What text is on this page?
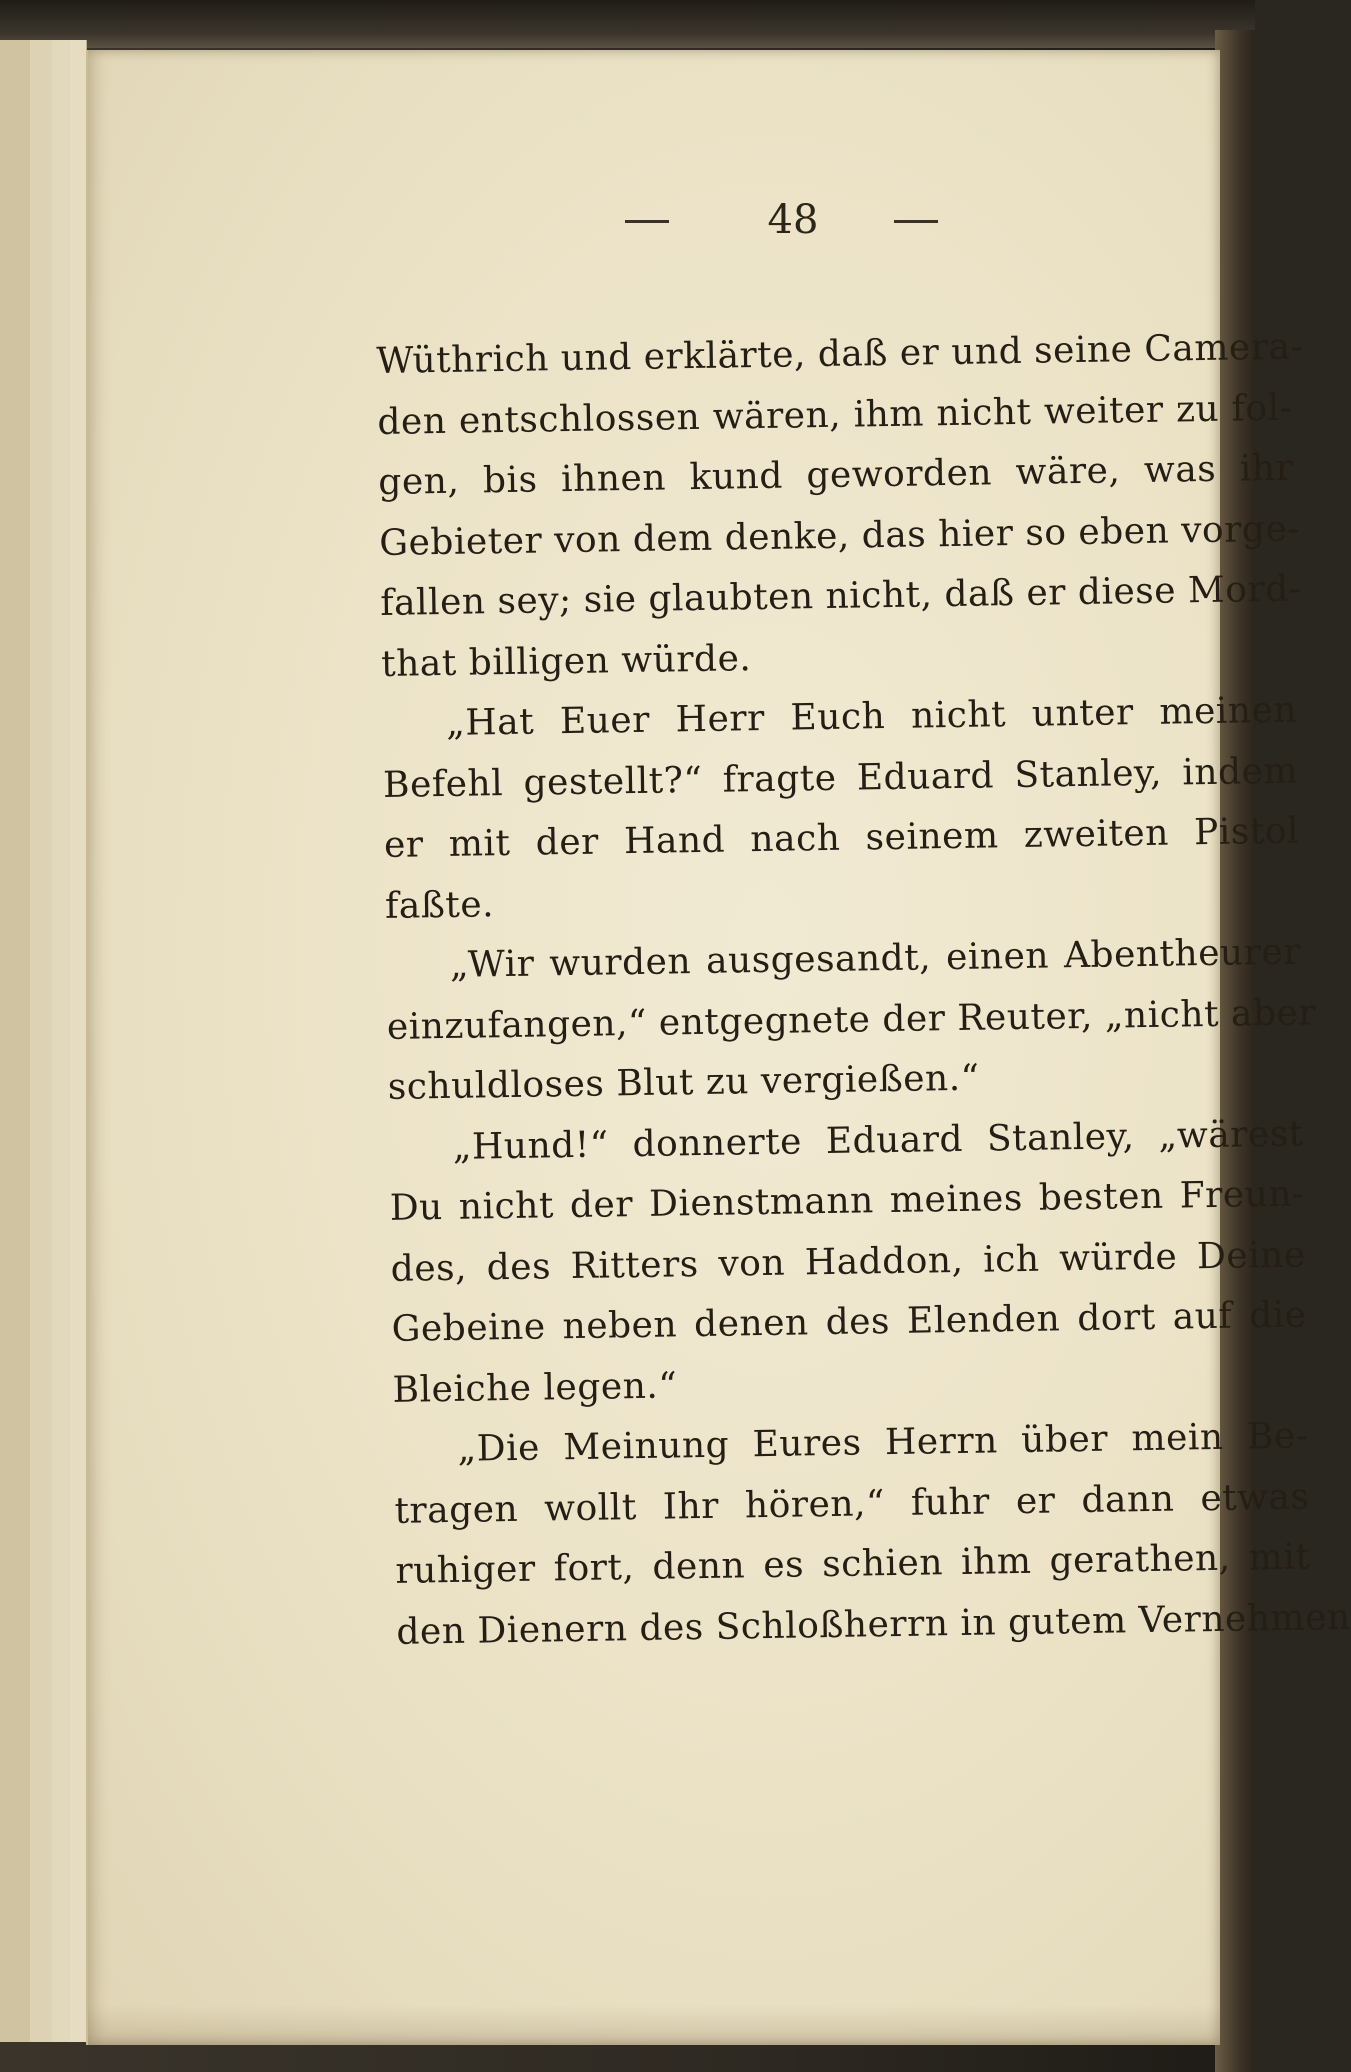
48
Wüthrich und erklärte, daß er und seine Camera-
den entschlossen wären, ihm nicht weiter zu fol-
gen, bis ihnen kund geworden wäre, was ihr
Gebieter von dem denke, das hier so eben vorge-
fallen sey; sie glaubten nicht, daß er diese Mord-
that billigen würde.
„Hat Euer Herr Euch nicht unter meinen
Befehl gestellt?“ fragte Eduard Stanley, indem
er mit der Hand nach seinem zweiten Pistol
faßte.
„Wir wurden ausgesandt, einen Abentheurer
einzufangen,“ entgegnete der Reuter, „nicht aber
schuldloses Blut zu vergießen.“
„Hund!“ donnerte Eduard Stanley, „wärest
Du nicht der Dienstmann meines besten Freun-
des, des Ritters von Haddon, ich würde Deine
Gebeine neben denen des Elenden dort auf die
Bleiche legen.“
„Die Meinung Eures Herrn über mein Be-
tragen wollt Ihr hören,“ fuhr er dann etwas
ruhiger fort, denn es schien ihm gerathen, mit
den Dienern des Schloßherrn in gutem Vernehmen
